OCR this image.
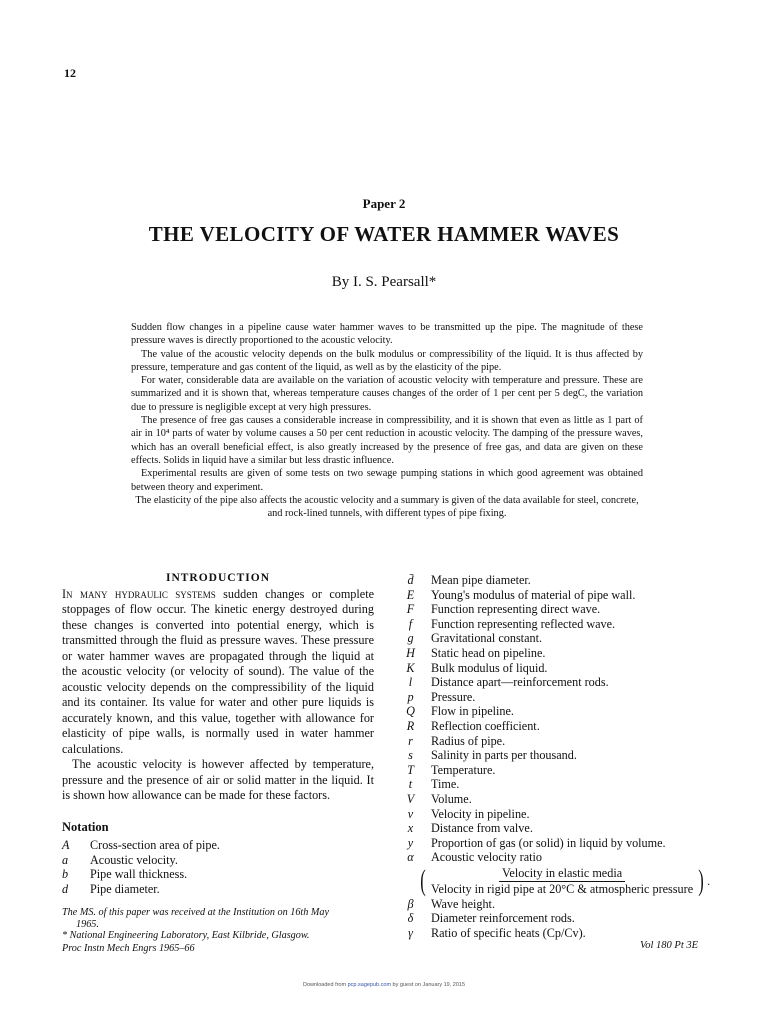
12
Paper 2
THE VELOCITY OF WATER HAMMER WAVES
By I. S. Pearsall*

Sudden flow changes in a pipeline cause water hammer waves to be transmitted up the pipe. The magnitude of these pressure waves is directly proportioned to the acoustic velocity.

The value of the acoustic velocity depends on the bulk modulus or compressibility of the liquid. It is thus affected by pressure, temperature and gas content of the liquid, as well as by the elasticity of the pipe.

For water, considerable data are available on the variation of acoustic velocity with temperature and pressure. These are summarized and it is shown that, whereas temperature causes changes of the order of 1 per cent per 5 degC, the variation due to pressure is negligible except at very high pressures.

The presence of free gas causes a considerable increase in compressibility, and it is shown that even as little as 1 part of air in 10⁴ parts of water by volume causes a 50 per cent reduction in acoustic velocity. The damping of the pressure waves, which has an overall beneficial effect, is also greatly increased by the presence of free gas, and data are given on these effects. Solids in liquid have a similar but less drastic influence.

Experimental results are given of some tests on two sewage pumping stations in which good agreement was obtained between theory and experiment.

The elasticity of the pipe also affects the acoustic velocity and a summary is given of the data available for steel, concrete, and rock-lined tunnels, with different types of pipe fixing.

INTRODUCTION

In many hydraulic systems sudden changes or complete stoppages of flow occur. The kinetic energy destroyed during these changes is converted into potential energy, which is transmitted through the fluid as pressure waves. These pressure or water hammer waves are propagated through the liquid at the acoustic velocity (or velocity of sound). The value of the acoustic velocity depends on the compressibility of the liquid and its container. Its value for water and other pure liquids is accurately known, and this value, together with allowance for elasticity of pipe walls, is normally used in water hammer calculations.

The acoustic velocity is however affected by temperature, pressure and the presence of air or solid matter in the liquid. It is shown how allowance can be made for these factors.

Notation
A	Cross-section area of pipe.
a	Acoustic velocity.
b	Pipe wall thickness.
d	Pipe diameter.
d̄	Mean pipe diameter.
E	Young's modulus of material of pipe wall.
F	Function representing direct wave.
f	Function representing reflected wave.
g	Gravitational constant.
H	Static head on pipeline.
K	Bulk modulus of liquid.
l	Distance apart—reinforcement rods.
p	Pressure.
Q	Flow in pipeline.
R	Reflection coefficient.
r	Radius of pipe.
s	Salinity in parts per thousand.
T	Temperature.
t	Time.
V	Volume.
v	Velocity in pipeline.
x	Distance from valve.
y	Proportion of gas (or solid) in liquid by volume.
α	Acoustic velocity ratio
( $\frac{\text{Velocity in elastic media}}{\text{Velocity in rigid pipe at 20°C \& atmospheric pressure}}$ ) .
β	Wave height.
δ	Diameter reinforcement rods.
γ	Ratio of specific heats (Cp/Cv).
The MS. of this paper was received at the Institution on 16th May
1965.
* National Engineering Laboratory, East Kilbride, Glasgow.
Proc Instn Mech Engrs 1965–66	Vol 180 Pt 3E
Downloaded from pcp.sagepub.com by guest on January 19, 2015
